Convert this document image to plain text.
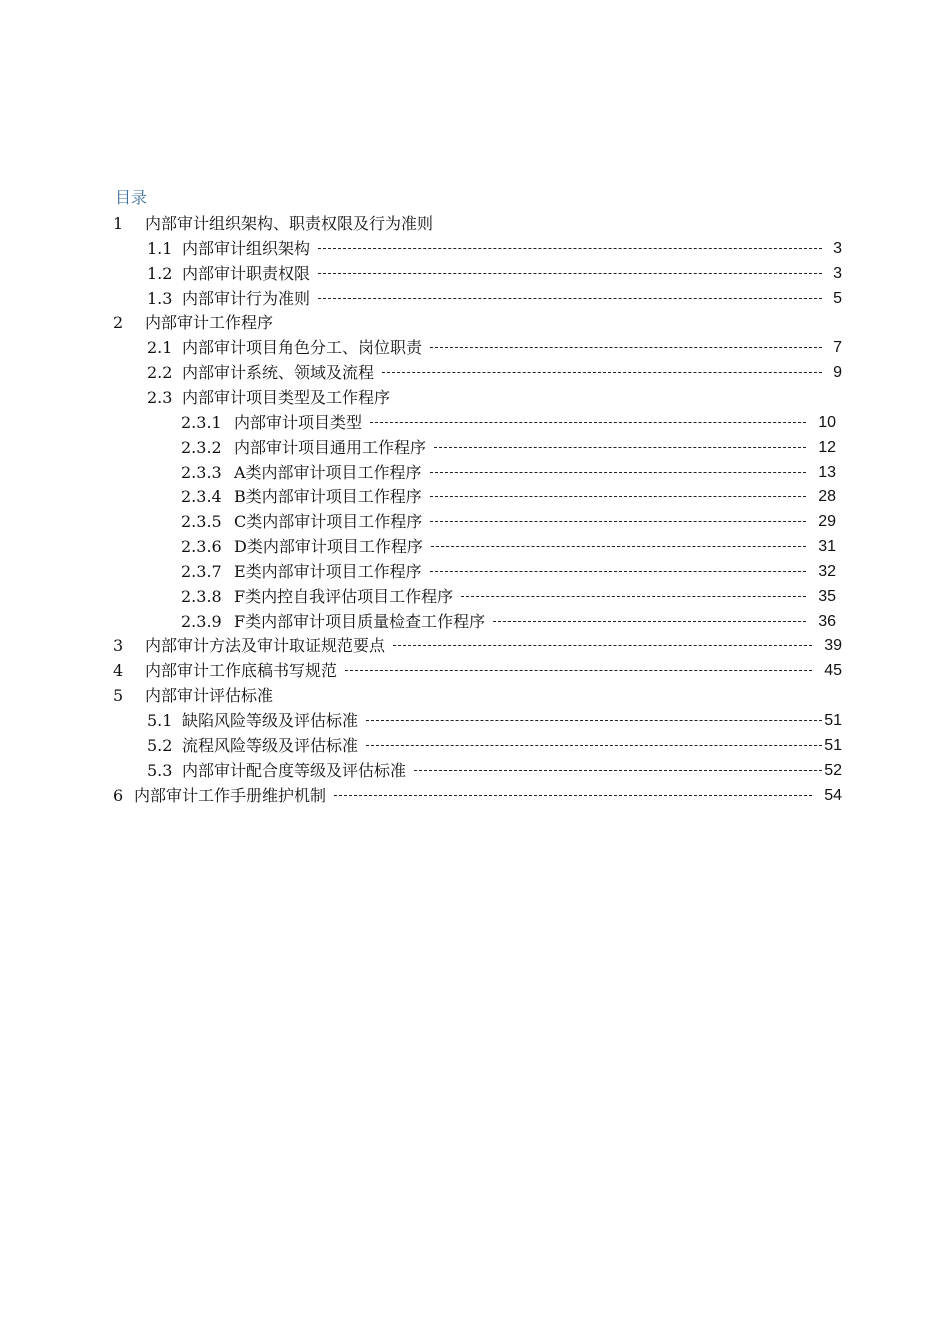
目录
1 内部审计组织架构、职责权限及行为准则
1.1 内部审计组织架构	3
1.2 内部审计职责权限	3
1.3 内部审计行为准则	5
2 内部审计工作程序
2.1 内部审计项目角色分工、岗位职责	7
2.2 内部审计系统、领域及流程	9
2.3 内部审计项目类型及工作程序
2.3.1 内部审计项目类型	10
2.3.2 内部审计项目通用工作程序	12
2.3.3 A类内部审计项目工作程序	13
2.3.4 B类内部审计项目工作程序	28
2.3.5 C类内部审计项目工作程序	29
2.3.6 D类内部审计项目工作程序	31
2.3.7 E类内部审计项目工作程序	32
2.3.8 F类内控自我评估项目工作程序	35
2.3.9 F类内部审计项目质量检查工作程序	36
3 内部审计方法及审计取证规范要点	39
4 内部审计工作底稿书写规范	45
5 内部审计评估标准
5.1 缺陷风险等级及评估标准	51
5.2 流程风险等级及评估标准	51
5.3 内部审计配合度等级及评估标准	52
6 内部审计工作手册维护机制	54
